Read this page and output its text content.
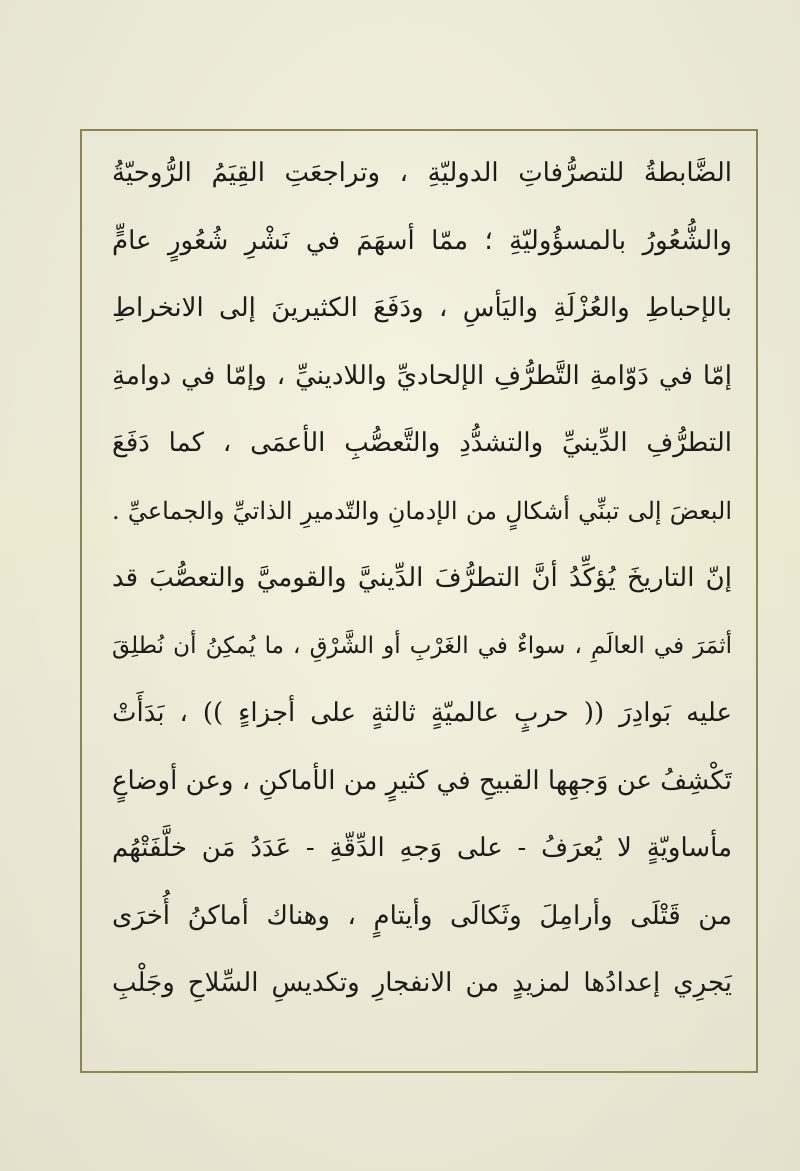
الضَّابطةُ للتصرُّفاتِ الدوليّةِ ، وتراجعَتِ القِيَمُ الرُّوحيّةُ
والشُّعُورُ بالمسؤُوليّةِ ؛ ممّا أسهَمَ في نَشْرِ شُعُورٍ عامٍّ
بالإحباطِ والعُزْلَةِ واليَأسِ ، ودَفَعَ الكثيرينَ إلى الانخراطِ
إمّا في دَوّامةِ التَّطرُّفِ الإلحاديِّ واللادينيِّ ، وإمّا في دوامةِ
التطرُّفِ الدِّينيِّ والتشدُّدِ والتَّعصُّبِ الأعمَى ، كما دَفَعَ
البعضَ إلى تبنِّي أشكالٍ من الإدمانِ والتّدميرِ الذاتيِّ والجماعيِّ .
إنّ التاريخَ يُؤكِّدُ أنَّ التطرُّفَ الدِّينيَّ والقوميَّ والتعصُّبَ قد
أثمَرَ في العالَمِ ، سواءٌ في الغَرْبِ أو الشَّرْقِ ، ما يُمكِنُ أن نُطلِقَ
عليه بَوادِرَ (( حربٍ عالميّةٍ ثالثةٍ على أجزاءٍ )) ، بَدَأَتْ
تَكْشِفُ عن وَجهِها القبيحِ في كثيرٍ من الأماكنِ ، وعن أوضاعٍ
مأساويّةٍ لا يُعرَفُ - على وَجهِ الدِّقّةِ - عَدَدُ مَن خلَّفَتْهُم
من قَتْلَى وأرامِلَ وثَكالَى وأيتامٍ ، وهناك أماكنُ أُخرَى
يَجرِي إعدادُها لمزيدٍ من الانفجارِ وتكديسِ السِّلاحِ وجَلْبِ
